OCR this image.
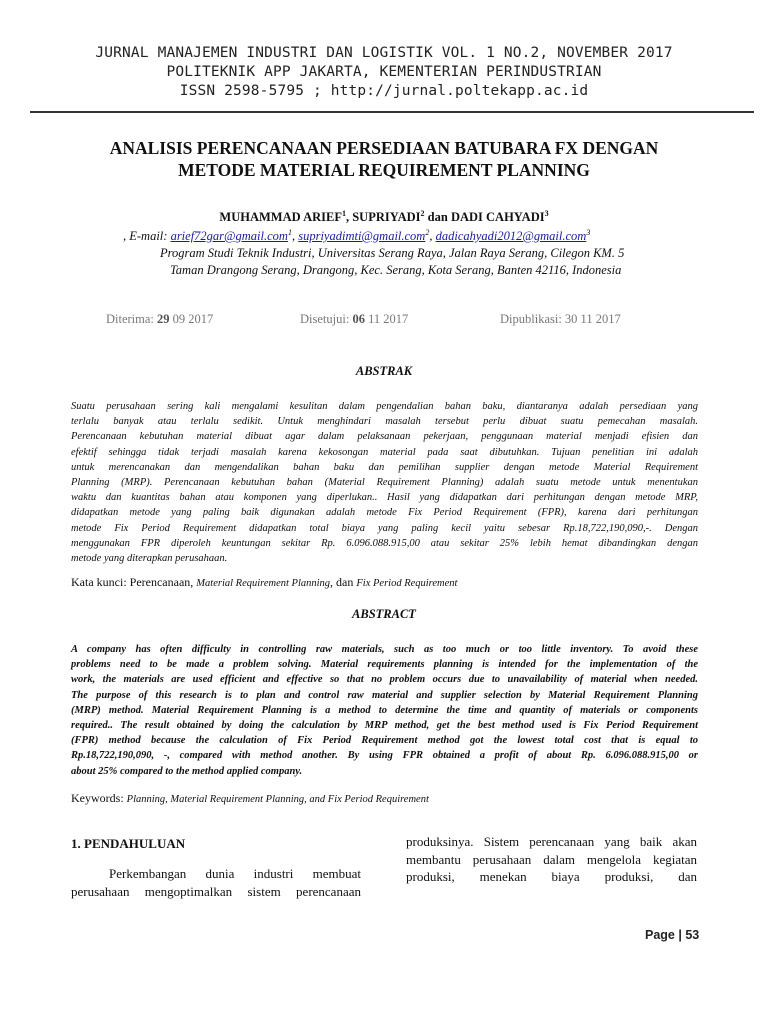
JURNAL MANAJEMEN INDUSTRI DAN LOGISTIK VOL. 1 NO.2, NOVEMBER 2017
POLITEKNIK APP JAKARTA, KEMENTERIAN PERINDUSTRIAN
ISSN 2598-5795 ; http://jurnal.poltekapp.ac.id
ANALISIS PERENCANAAN PERSEDIAAN BATUBARA FX DENGAN
METODE MATERIAL REQUIREMENT PLANNING
MUHAMMAD ARIEF$^1$, SUPRIYADI$^2$ dan DADI CAHYADI$^3$
, E-mail: arief72gar@gmail.com$^1$, supriyadimti@gmail.com$^2$, dadicahyadi2012@gmail.com$^3$
Program Studi Teknik Industri, Universitas Serang Raya, Jalan Raya Serang, Cilegon KM. 5
Taman Drangong Serang, Drangong, Kec. Serang, Kota Serang, Banten 42116, Indonesia
Diterima: 29 09 2017	Disetujui: 06 11 2017	Dipublikasi: 30 11 2017
ABSTRAK
Suatu perusahaan sering kali mengalami kesulitan dalam pengendalian bahan baku, diantaranya adalah persediaan yang
terlalu banyak atau terlalu sedikit. Untuk menghindari masalah tersebut perlu dibuat suatu pemecahan masalah.
Perencanaan kebutuhan material dibuat agar dalam pelaksanaan pekerjaan, penggunaan material menjadi efisien dan
efektif sehingga tidak terjadi masalah karena kekosongan material pada saat dibutuhkan. Tujuan penelitian ini adalah
untuk merencanakan dan mengendalikan bahan baku dan pemilihan supplier dengan metode Material Requirement
Planning (MRP). Perencanaan kebutuhan bahan (Material Requirement Planning) adalah suatu metode untuk menentukan
waktu dan kuantitas bahan atau komponen yang diperlukan.. Hasil yang didapatkan dari perhitungan dengan metode MRP,
didapatkan metode yang paling baik digunakan adalah metode Fix Period Requirement (FPR), karena dari perhitungan
metode Fix Period Requirement didapatkan total biaya yang paling kecil yaitu sebesar Rp.18,722,190,090,-. Dengan
menggunakan FPR diperoleh keuntungan sekitar Rp. 6.096.088.915,00 atau sekitar 25% lebih hemat dibandingkan dengan
metode yang diterapkan perusahaan.
Kata kunci: Perencanaan, Material Requirement Planning, dan Fix Period Requirement
ABSTRACT
A company has often difficulty in controlling raw materials, such as too much or too little inventory. To avoid these
problems need to be made a problem solving. Material requirements planning is intended for the implementation of the
work, the materials are used efficient and effective so that no problem occurs due to unavailability of material when needed.
The purpose of this research is to plan and control raw material and supplier selection by Material Requirement Planning
(MRP) method. Material Requirement Planning is a method to determine the time and quantity of materials or components
required.. The result obtained by doing the calculation by MRP method, get the best method used is Fix Period Requirement
(FPR) method because the calculation of Fix Period Requirement method got the lowest total cost that is equal to
Rp.18,722,190,090, -, compared with method another. By using FPR obtained a profit of about Rp. 6.096.088.915,00 or
about 25% compared to the method applied company.
Keywords: Planning, Material Requirement Planning, and Fix Period Requirement
1. PENDAHULUAN
Perkembangan dunia industri membuat
perusahaan mengoptimalkan sistem perencanaan
produksinya. Sistem perencanaan yang baik akan
membantu perusahaan dalam mengelola kegiatan
produksi, menekan biaya produksi, dan
Page | 53
